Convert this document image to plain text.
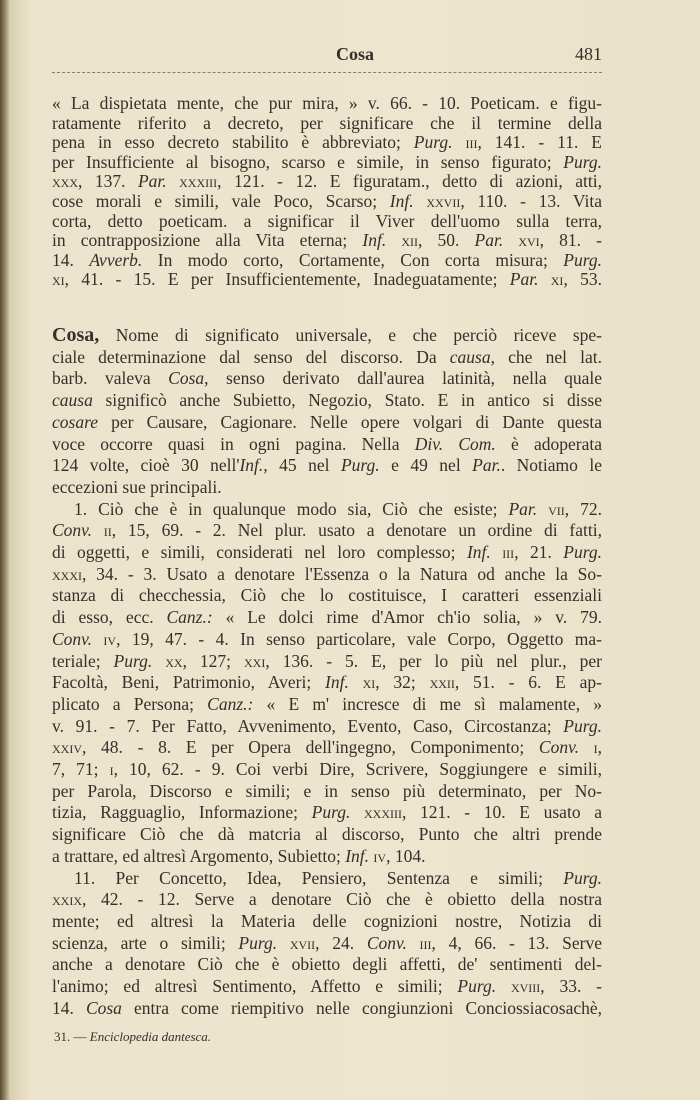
Cosa	481
« La dispietata mente, che pur mira, » v. 66. - 10. Poeticam. e figu-
ratamente riferito a decreto, per significare che il termine della
pena in esso decreto stabilito è abbreviato; Purg. iii, 141. - 11. E
per Insufficiente al bisogno, scarso e simile, in senso figurato; Purg.
xxx, 137. Par. xxxiii, 121. - 12. E figuratam., detto di azioni, atti,
cose morali e simili, vale Poco, Scarso; Inf. xxvii, 110. - 13. Vita
corta, detto poeticam. a significar il Viver dell'uomo sulla terra,
in contrapposizione alla Vita eterna; Inf. xii, 50. Par. xvi, 81. -
14. Avverb. In modo corto, Cortamente, Con corta misura; Purg.
xi, 41. - 15. E per Insufficientemente, Inadeguatamente; Par. xi, 53.
Cosa, Nome di significato universale, e che perciò riceve spe-
ciale determinazione dal senso del discorso. Da causa, che nel lat.
barb. valeva Cosa, senso derivato dall'aurea latinità, nella quale
causa significò anche Subietto, Negozio, Stato. E in antico si disse
cosare per Causare, Cagionare. Nelle opere volgari di Dante questa
voce occorre quasi in ogni pagina. Nella Div. Com. è adoperata
124 volte, cioè 30 nell'Inf., 45 nel Purg. e 49 nel Par.. Notiamo le
eccezioni sue principali.
1. Ciò che è in qualunque modo sia, Ciò che esiste; Par. vii, 72.
Conv. ii, 15, 69. - 2. Nel plur. usato a denotare un ordine di fatti,
di oggetti, e simili, considerati nel loro complesso; Inf. iii, 21. Purg.
xxxi, 34. - 3. Usato a denotare l'Essenza o la Natura od anche la So-
stanza di checchessia, Ciò che lo costituisce, I caratteri essenziali
di esso, ecc. Canz.: « Le dolci rime d'Amor ch'io solia, » v. 79.
Conv. iv, 19, 47. - 4. In senso particolare, vale Corpo, Oggetto ma-
teriale; Purg. xx, 127; xxi, 136. - 5. E, per lo più nel plur., per
Facoltà, Beni, Patrimonio, Averi; Inf. xi, 32; xxii, 51. - 6. E ap-
plicato a Persona; Canz.: « E m' incresce di me sì malamente, »
v. 91. - 7. Per Fatto, Avvenimento, Evento, Caso, Circostanza; Purg.
xxiv, 48. - 8. E per Opera dell'ingegno, Componimento; Conv. i,
7, 71; i, 10, 62. - 9. Coi verbi Dire, Scrivere, Soggiungere e simili,
per Parola, Discorso e simili; e in senso più determinato, per No-
tizia, Ragguaglio, Informazione; Purg. xxxiii, 121. - 10. E usato a
significare Ciò che dà matcria al discorso, Punto che altri prende
a trattare, ed altresì Argomento, Subietto; Inf. iv, 104.
11. Per Concetto, Idea, Pensiero, Sentenza e simili; Purg.
xxix, 42. - 12. Serve a denotare Ciò che è obietto della nostra
mente; ed altresì la Materia delle cognizioni nostre, Notizia di
scienza, arte o simili; Purg. xvii, 24. Conv. iii, 4, 66. - 13. Serve
anche a denotare Ciò che è obietto degli affetti, de' sentimenti del-
l'animo; ed altresì Sentimento, Affetto e simili; Purg. xviii, 33. -
14. Cosa entra come riempitivo nelle congiunzioni Conciossiacosachè,
31. — Enciclopedia dantesca.
